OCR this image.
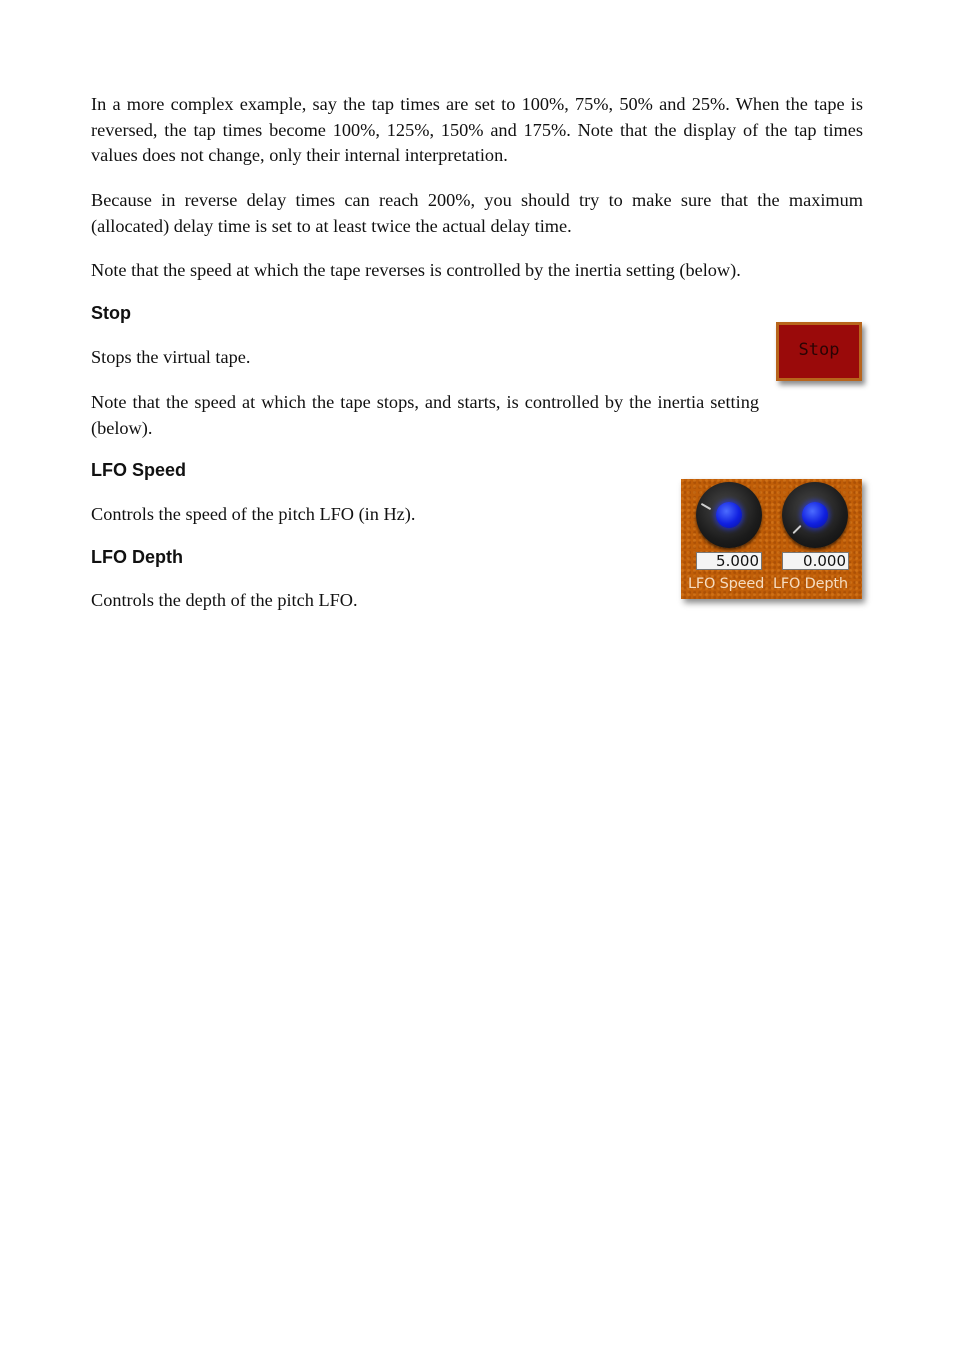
In a more complex example, say the tap times are set to 100%, 75%, 50% and 25%. When the tape is reversed, the tap times become 100%, 125%, 150% and 175%. Note that the display of the tap times values does not change, only their internal interpretation.

Because in reverse delay times can reach 200%, you should try to make sure that the maximum (allocated) delay time is set to at least twice the actual delay time.

Note that the speed at which the tape reverses is controlled by the inertia setting (below).

Stop

Stops the virtual tape.

Note that the speed at which the tape stops, and starts, is controlled by the inertia setting (below).

LFO Speed

Controls the speed of the pitch LFO (in Hz).

LFO Depth

Controls the depth of the pitch LFO.

Stop
5.000	0.000
LFO Speed LFO Depth
